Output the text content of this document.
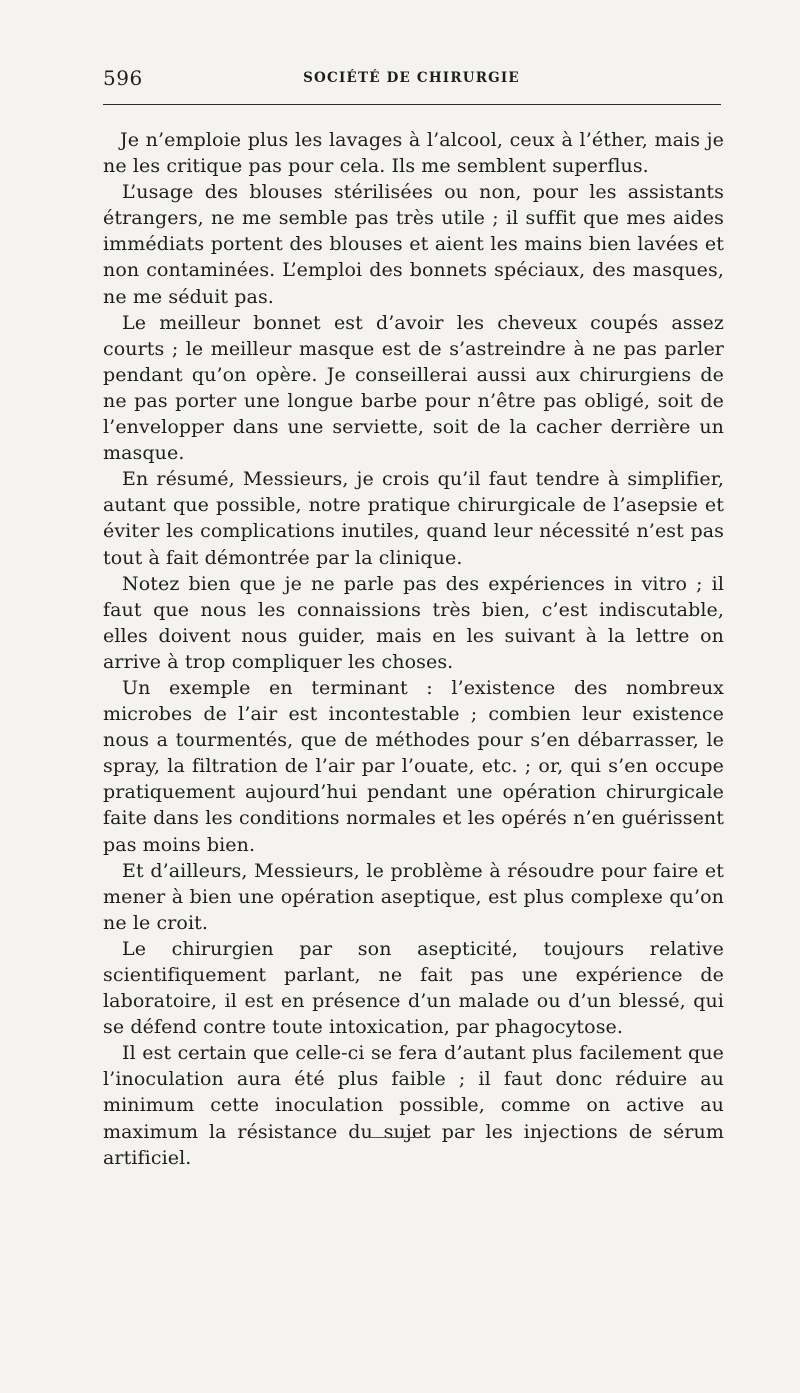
596	SOCIÉTÉ DE CHIRURGIE

Je n’emploie plus les lavages à l’alcool, ceux à l’éther, mais je ne les critique pas pour cela. Ils me semblent superflus.

L’usage des blouses stérilisées ou non, pour les assistants étrangers, ne me semble pas très utile ; il suffit que mes aides immédiats portent des blouses et aient les mains bien lavées et non contaminées. L’emploi des bonnets spéciaux, des masques, ne me séduit pas.

Le meilleur bonnet est d’avoir les cheveux coupés assez courts ; le meilleur masque est de s’astreindre à ne pas parler pendant qu’on opère. Je conseillerai aussi aux chirurgiens de ne pas porter une longue barbe pour n’être pas obligé, soit de l’envelopper dans une serviette, soit de la cacher derrière un masque.

En résumé, Messieurs, je crois qu’il faut tendre à simplifier, autant que possible, notre pratique chirurgicale de l’asepsie et éviter les complications inutiles, quand leur nécessité n’est pas tout à fait démontrée par la clinique.

Notez bien que je ne parle pas des expériences in vitro ; il faut que nous les connaissions très bien, c’est indiscutable, elles doivent nous guider, mais en les suivant à la lettre on arrive à trop compliquer les choses.

Un exemple en terminant : l’existence des nombreux microbes de l’air est incontestable ; combien leur existence nous a tourmentés, que de méthodes pour s’en débarrasser, le spray, la filtration de l’air par l’ouate, etc. ; or, qui s’en occupe pratiquement aujourd’hui pendant une opération chirurgicale faite dans les conditions normales et les opérés n’en guérissent pas moins bien.

Et d’ailleurs, Messieurs, le problème à résoudre pour faire et mener à bien une opération aseptique, est plus complexe qu’on ne le croit.

Le chirurgien par son asepticité, toujours relative scientifiquement parlant, ne fait pas une expérience de laboratoire, il est en présence d’un malade ou d’un blessé, qui se défend contre toute intoxication, par phagocytose.

Il est certain que celle-ci se fera d’autant plus facilement que l’inoculation aura été plus faible ; il faut donc réduire au minimum cette inoculation possible, comme on active au maximum la résistance du sujet par les injections de sérum artificiel.
